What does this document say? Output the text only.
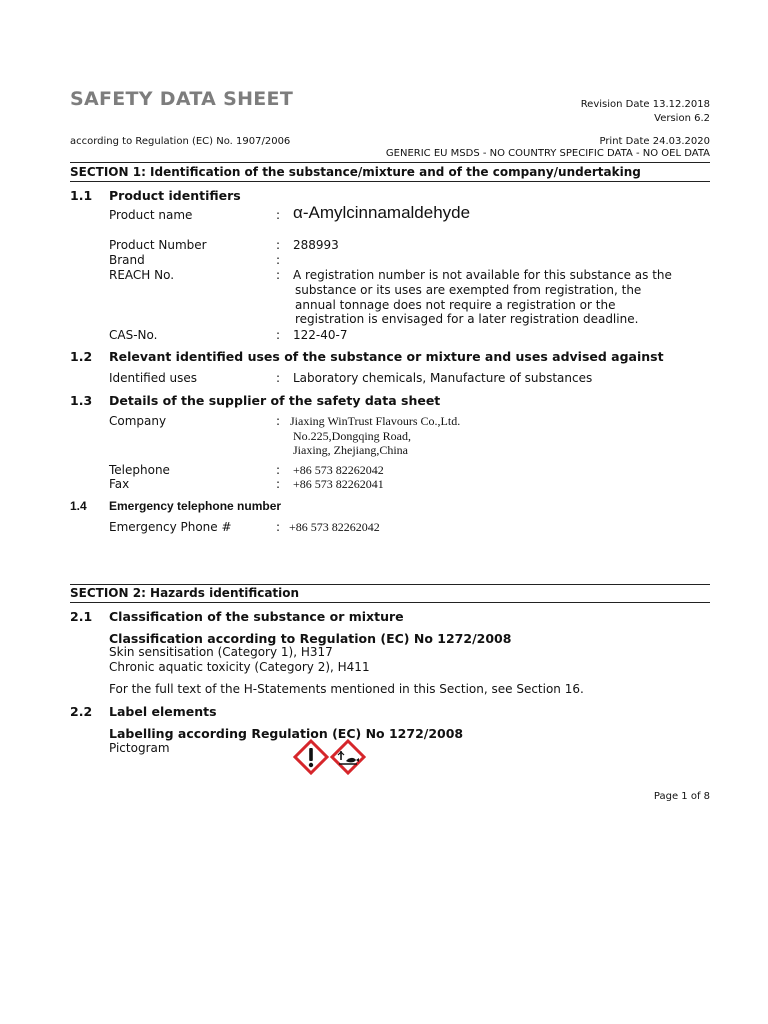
SAFETY DATA SHEET	Revision Date 13.12.2018
Version 6.2
according to Regulation (EC) No. 1907/2006	Print Date 24.03.2020
GENERIC EU MSDS - NO COUNTRY SPECIFIC DATA - NO OEL DATA
SECTION 1: Identification of the substance/mixture and of the company/undertaking
1.1 Product identifiers
Product name	: α-Amylcinnamaldehyde
Product Number	: 288993
Brand	:
REACH No.	: A registration number is not available for this substance as the
substance or its uses are exempted from registration, the
annual tonnage does not require a registration or the
registration is envisaged for a later registration deadline.
CAS-No.	: 122-40-7
1.2 Relevant identified uses of the substance or mixture and uses advised against
Identified uses	: Laboratory chemicals, Manufacture of substances
1.3 Details of the supplier of the safety data sheet
Company	: Jiaxing WinTrust Flavours Co.,Ltd.
No.225,Dongqing Road,
Jiaxing, Zhejiang,China
Telephone	: +86 573 82262042
Fax	: +86 573 82262041
1.4 Emergency telephone number
Emergency Phone #	: +86 573 82262042
SECTION 2: Hazards identification
2.1 Classification of the substance or mixture
Classification according to Regulation (EC) No 1272/2008
Skin sensitisation (Category 1), H317
Chronic aquatic toxicity (Category 2), H411
For the full text of the H-Statements mentioned in this Section, see Section 16.
2.2 Label elements
Labelling according Regulation (EC) No 1272/2008
Pictogram
Page 1 of 8
